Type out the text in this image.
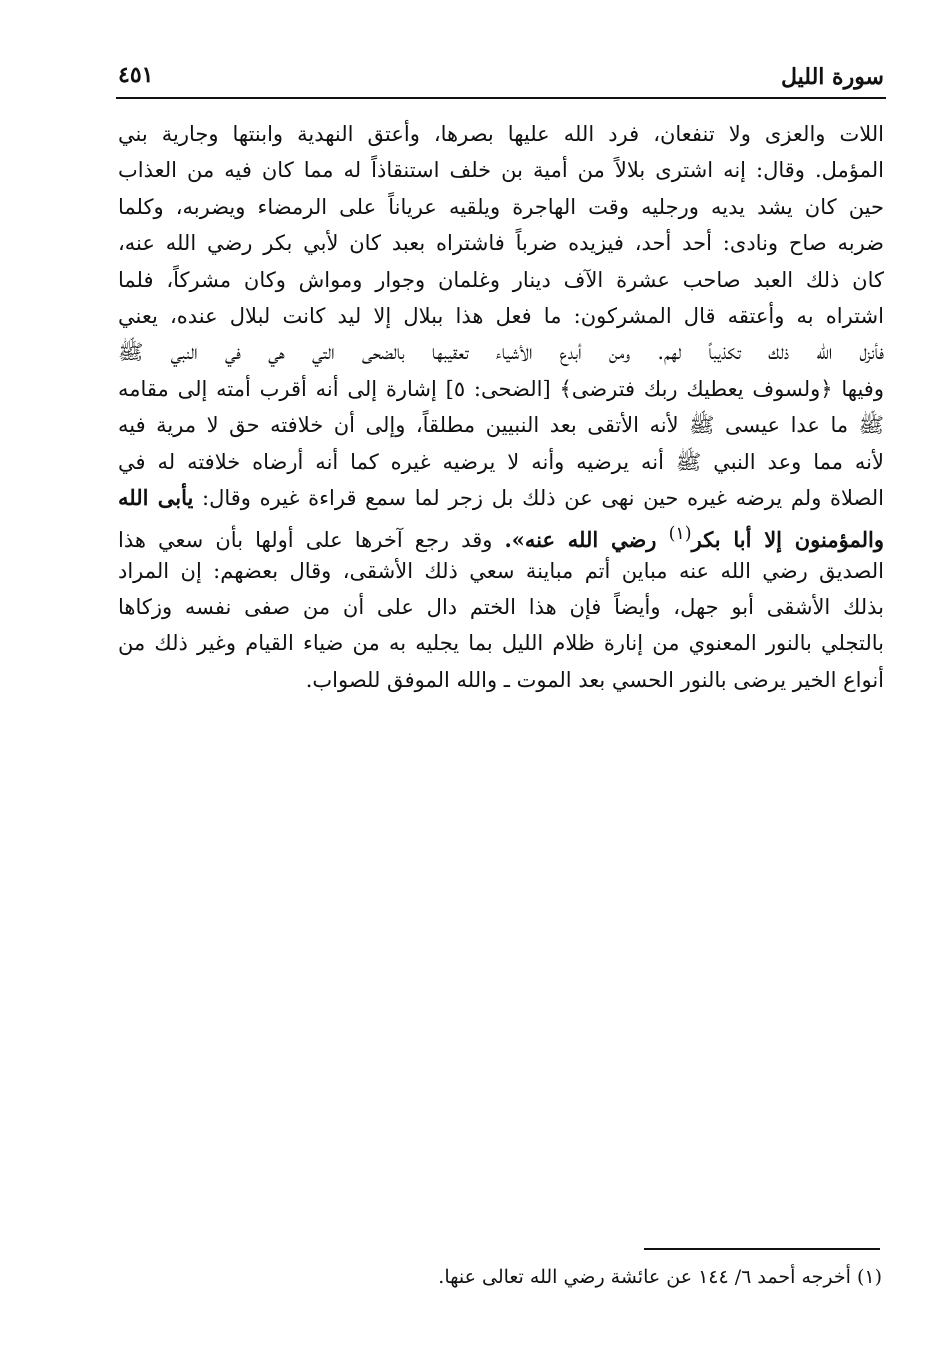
سورة الليل
٤٥١
اللات والعزى ولا تنفعان، فرد الله عليها بصرها، وأعتق النهدية وابنتها وجارية بني
المؤمل. وقال: إنه اشترى بلالاً من أمية بن خلف استنقاذاً له مما كان فيه من العذاب
حين كان يشد يديه ورجليه وقت الهاجرة ويلقيه عرياناً على الرمضاء ويضربه، وكلما
ضربه صاح ونادى: أحد أحد، فيزيده ضرباً فاشتراه بعبد كان لأبي بكر رضي الله عنه،
كان ذلك العبد صاحب عشرة الآف دينار وغلمان وجوار ومواش وكان مشركاً، فلما
اشتراه به وأعتقه قال المشركون: ما فعل هذا ببلال إلا ليد كانت لبلال عنده، يعني
فأنزل الله ذلك تكذيباً لهم. ومن أبدع الأشياء تعقيبها بالضحى التي هي في النبي ﷺ
وفيها ﴿ولسوف يعطيك ربك فترضى﴾ [الضحى: ٥] إشارة إلى أنه أقرب أمته إلى مقامه
ﷺ ما عدا عيسى ﷺ لأنه الأتقى بعد النبيين مطلقاً، وإلى أن خلافته حق لا مرية فيه
لأنه مما وعد النبي ﷺ أنه يرضيه وأنه لا يرضيه غيره كما أنه أرضاه خلافته له في
الصلاة ولم يرضه غيره حين نهى عن ذلك بل زجر لما سمع قراءة غيره وقال: يأبى الله
والمؤمنون إلا أبا بكر$^{(١)}$ رضي الله عنه». وقد رجع آخرها على أولها بأن سعي هذا
الصديق رضي الله عنه مباين أتم مباينة سعي ذلك الأشقى، وقال بعضهم: إن المراد
بذلك الأشقى أبو جهل، وأيضاً فإن هذا الختم دال على أن من صفى نفسه وزكاها
بالتجلي بالنور المعنوي من إنارة ظلام الليل بما يجليه به من ضياء القيام وغير ذلك من
أنواع الخير يرضى بالنور الحسي بعد الموت ـ والله الموفق للصواب.
(١) أخرجه أحمد ٦/ ١٤٤ عن عائشة رضي الله تعالى عنها.
